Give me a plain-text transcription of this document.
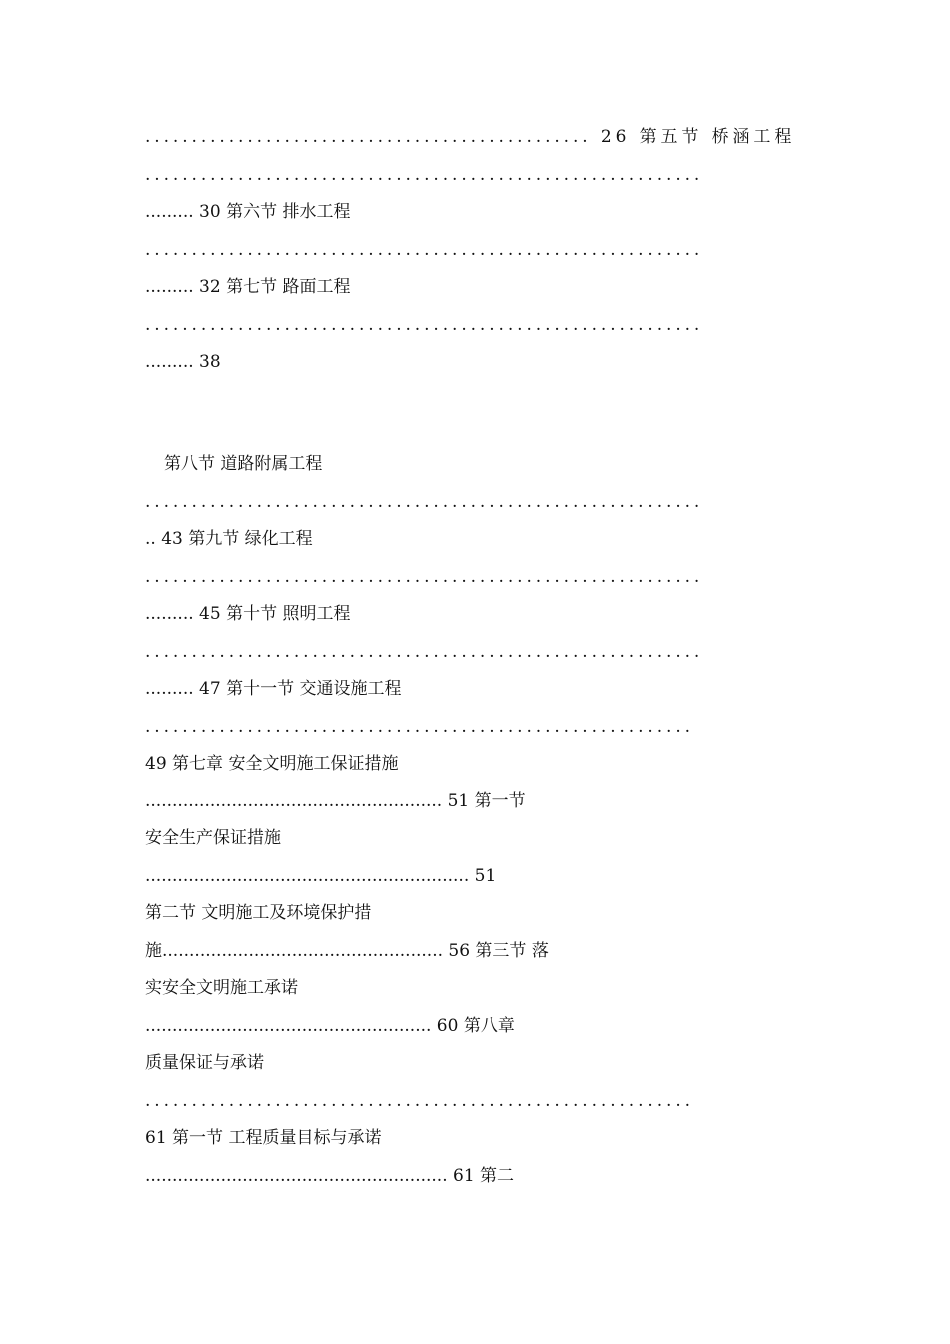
................................................ 26 第五节 桥涵工程
............................................................
......... 30 第六节 排水工程
............................................................
......... 32 第七节 路面工程
............................................................
......... 38
第八节 道路附属工程
............................................................
.. 43 第九节 绿化工程
............................................................
......... 45 第十节 照明工程
............................................................
......... 47 第十一节 交通设施工程
...........................................................
49 第七章 安全文明施工保证措施
....................................................... 51 第一节
安全生产保证措施
............................................................ 51
第二节 文明施工及环境保护措
施.................................................... 56 第三节 落
实安全文明施工承诺
..................................................... 60 第八章
质量保证与承诺
...........................................................
61 第一节 工程质量目标与承诺
........................................................ 61 第二
